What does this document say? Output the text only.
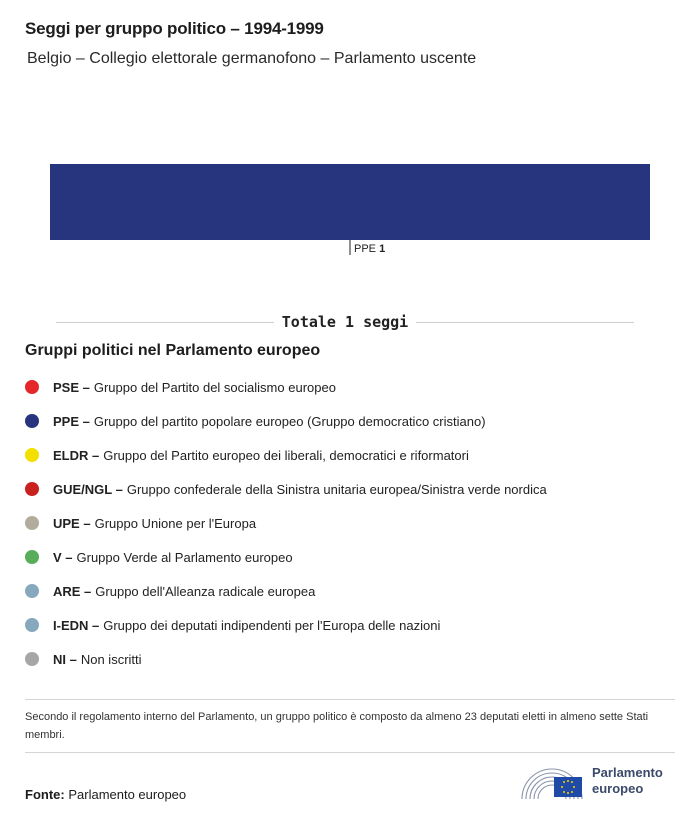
Seggi per gruppo politico – 1994-1999
Belgio – Collegio elettorale germanofono – Parlamento uscente
PPE 1
Totale 1 seggi
Gruppi politici nel Parlamento europeo
PSE – Gruppo del Partito del socialismo europeo
PPE – Gruppo del partito popolare europeo (Gruppo democratico cristiano)
ELDR – Gruppo del Partito europeo dei liberali, democratici e riformatori
GUE/NGL – Gruppo confederale della Sinistra unitaria europea/Sinistra verde nordica
UPE – Gruppo Unione per l'Europa
V – Gruppo Verde al Parlamento europeo
ARE – Gruppo dell'Alleanza radicale europea
I-EDN – Gruppo dei deputati indipendenti per l'Europa delle nazioni
NI – Non iscritti
Secondo il regolamento interno del Parlamento, un gruppo politico è composto da almeno 23 deputati eletti in almeno sette Stati membri.
Fonte: Parlamento europeo
Parlamento
europeo
